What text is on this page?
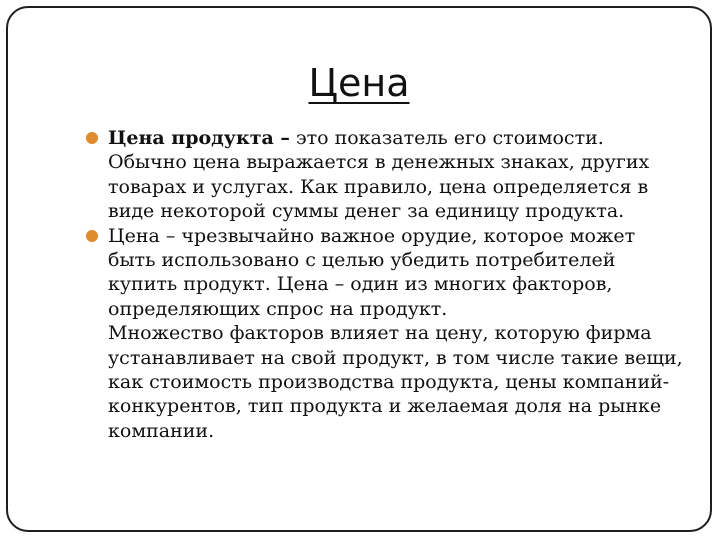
Цена

Цена продукта – это показатель его стоимости. Обычно цена выражается в денежных знаках, других товарах и услугах. Как правило, цена определяется в виде некоторой суммы денег за единицу продукта.

Цена – чрезвычайно важное орудие, которое может быть использовано с целью убедить потребителей купить продукт. Цена – один из многих факторов, определяющих спрос на продукт.

Множество факторов влияет на цену, которую фирма устанавливает на свой продукт, в том числе такие вещи, как стоимость производства продукта, цены компаний-конкурентов, тип продукта и желаемая доля на рынке компании.
